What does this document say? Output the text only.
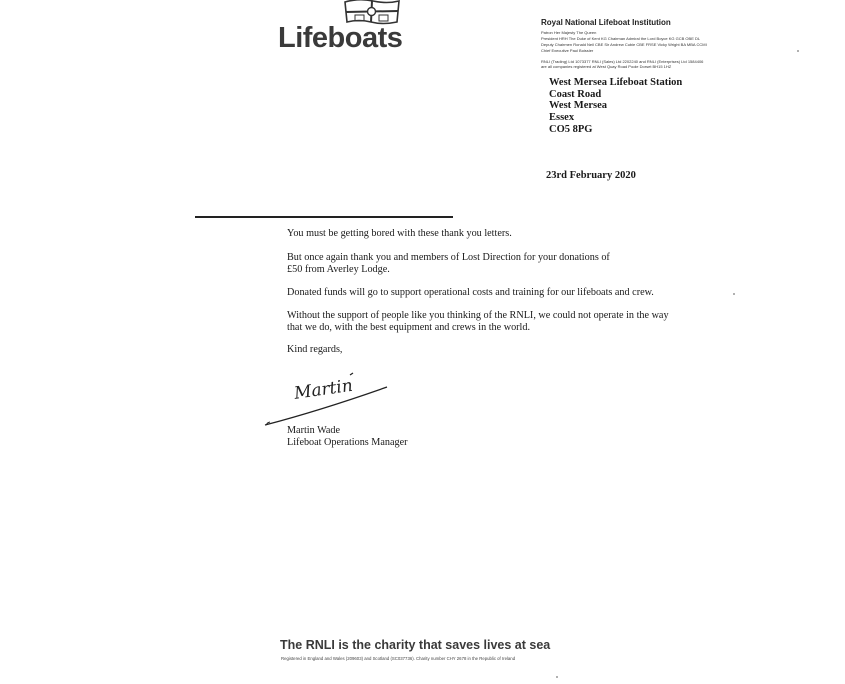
Lifeboats	Royal National Lifeboat Institution
Patron Her Majesty The Queen
President HRH The Duke of Kent KG Chairman Admiral the Lord Boyce KG GCB OBE DL
Deputy Chairmen Ronald Neil CBE Sir Andrew Cubie CBE FRSE Vicky Wright BA MBA CCMI
Chief Executive Paul Boissier
RNLI (Trading) Ltd 1073377 RNLI (Sales) Ltd 2202240 and RNLI (Enterprises) Ltd 1584406
are all companies registered at West Quay Road Poole Dorset BH15 1HZ
West Mersea Lifeboat Station
Coast Road
West Mersea
Essex
CO5 8PG
23rd February 2020
You must be getting bored with these thank you letters.
But once again thank you and members of Lost Direction for your donations of
£50 from Averley Lodge.
Donated funds will go to support operational costs and training for our lifeboats and crew.
Without the support of people like you thinking of the RNLI, we could not operate in the way
that we do, with the best equipment and crews in the world.
Kind regards,
Martin
Martin Wade
Lifeboat Operations Manager
The RNLI is the charity that saves lives at sea
Registered in England and Wales (209603) and Scotland (SC037736). Charity number CHY 2678 in the Republic of Ireland
